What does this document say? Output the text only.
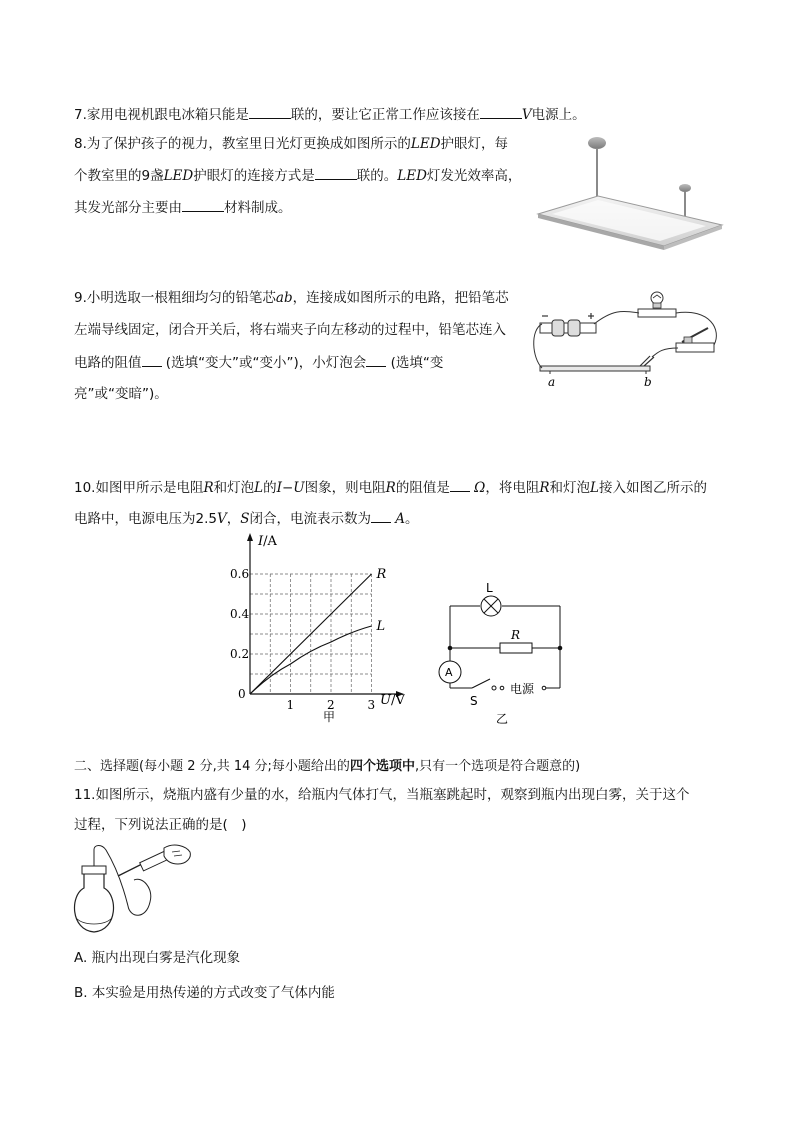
7.家用电视机跟电冰箱只能是	联的，要让它正常工作应该接在	V电源上。
8.为了保护孩子的视力，教室里日光灯更换成如图所示的LED护眼灯，每
个教室里的9盏LED护眼灯的连接方式是	联的。LED灯发光效率高，
其发光部分主要由	材料制成。
9.小明选取一根粗细均匀的铅笔芯ab，连接成如图所示的电路，把铅笔芯
左端导线固定，闭合开关后，将右端夹子向左移动的过程中，铅笔芯连入
电路的阻值 (选填“变大”或“变小”)，小灯泡会 (选填“变
亮”或“变暗”)。
a	b
10.如图甲所示是电阻R和灯泡L的I−U图象，则电阻R的阻值是 Ω，将电阻R和灯泡L接入如图乙所示的
电路中，电源电压为2.5V，S闭合，电流表示数为 A。
I/A
U/V
0.6
0.4
0.2
1	2	3
0
R
L
甲
L
R
A
S
电源
乙
二、选择题(每小题 2 分,共 14 分;每小题给出的四个选项中,只有一个选项是符合题意的)
11.如图所示，烧瓶内盛有少量的水，给瓶内气体打气，当瓶塞跳起时，观察到瓶内出现白雾，关于这个
过程，下列说法正确的是(　)
A. 瓶内出现白雾是汽化现象
B. 本实验是用热传递的方式改变了气体内能
